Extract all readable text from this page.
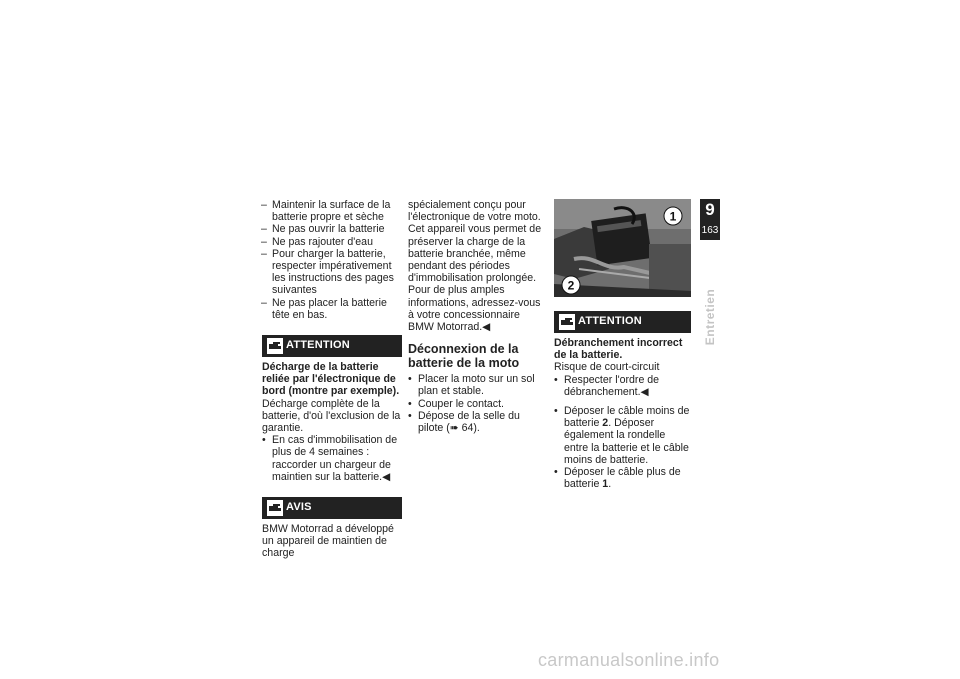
– Maintenir la surface de la batterie propre et sèche
– Ne pas ouvrir la batterie
– Ne pas rajouter d'eau
– Pour charger la batterie, respecter impérativement les instructions des pages suivantes
– Ne pas placer la batterie tête en bas.
ATTENTION
Décharge de la batterie reliée par l'électronique de bord (montre par exemple).
Décharge complète de la batterie, d'où l'exclusion de la garantie.
• En cas d'immobilisation de plus de 4 semaines : raccorder un chargeur de maintien sur la batterie.◀
AVIS
BMW Motorrad a développé un appareil de maintien de charge
spécialement conçu pour l'électronique de votre moto. Cet appareil vous permet de préserver la charge de la batterie branchée, même pendant des périodes d'immobilisation prolongée. Pour de plus amples informations, adressez-vous à votre concessionnaire BMW Motorrad.◀
Déconnexion de la batterie de la moto
• Placer la moto sur un sol plan et stable.
• Couper le contact.
• Dépose de la selle du pilote (➠ 64).
1
2
ATTENTION
Débranchement incorrect de la batterie.
Risque de court-circuit
• Respecter l'ordre de débranchement.◀
• Déposer le câble moins de batterie 2. Déposer également la rondelle entre la batterie et le câble moins de batterie.
• Déposer le câble plus de batterie 1.
9
163
Entretien
carmanualsonline.info
